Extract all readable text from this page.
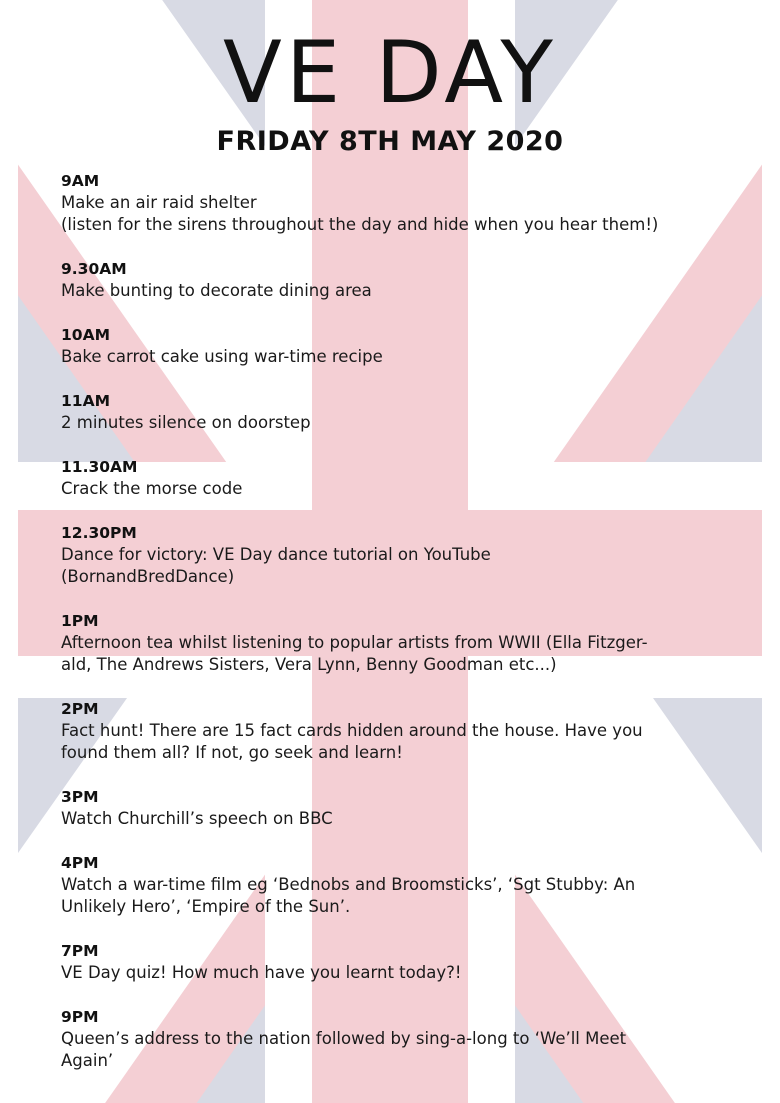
VE DAY
FRIDAY 8TH MAY 2020
9AM
Make an air raid shelter
(listen for the sirens throughout the day and hide when you hear them!)
9.30AM
Make bunting to decorate dining area
10AM
Bake carrot cake using war-time recipe
11AM
2 minutes silence on doorstep
11.30AM
Crack the morse code
12.30PM
Dance for victory: VE Day dance tutorial on YouTube
(BornandBredDance)
1PM
Afternoon tea whilst listening to popular artists from WWII (Ella Fitzger-
ald, The Andrews Sisters, Vera Lynn, Benny Goodman etc...)
2PM
Fact hunt! There are 15 fact cards hidden around the house. Have you
found them all? If not, go seek and learn!
3PM
Watch Churchill’s speech on BBC
4PM
Watch a war-time film eg ‘Bednobs and Broomsticks’, ‘Sgt Stubby: An
Unlikely Hero’, ‘Empire of the Sun’.
7PM
VE Day quiz! How much have you learnt today?!
9PM
Queen’s address to the nation followed by sing-a-long to ‘We’ll Meet
Again’
